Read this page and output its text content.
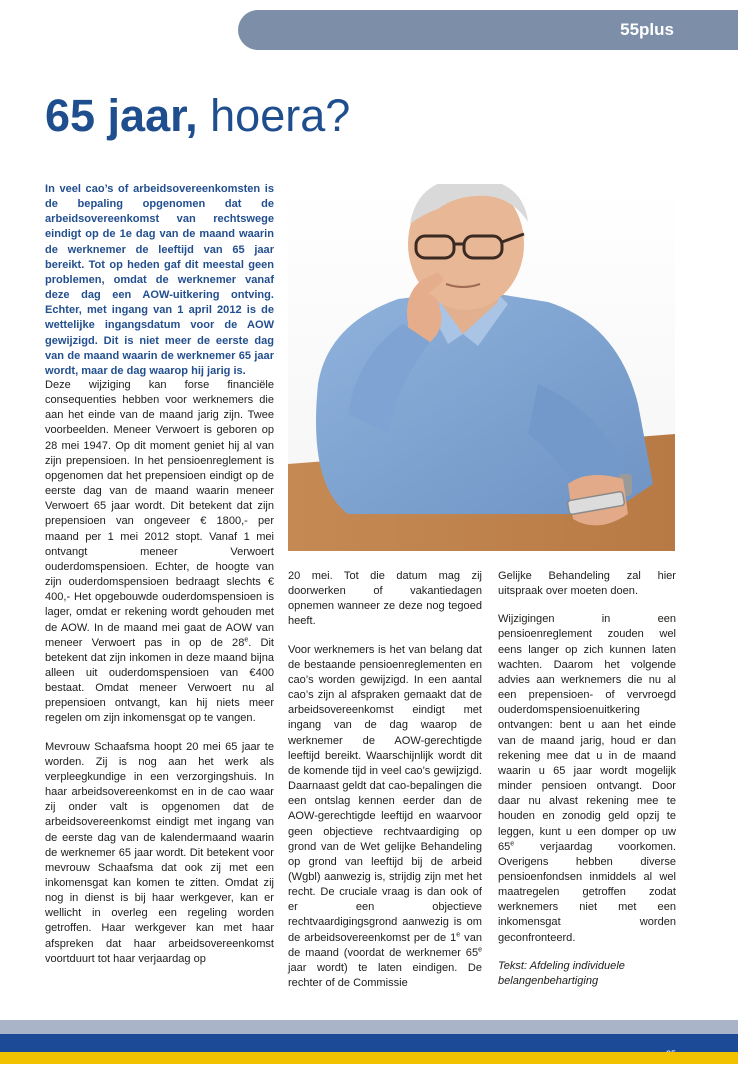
55plus
65 jaar, hoera?

In veel cao’s of arbeidsovereenkomsten is de bepaling opgenomen dat de arbeidsovereenkomst van rechtswege eindigt op de 1e dag van de maand waarin de werknemer de leeftijd van 65 jaar bereikt. Tot op heden gaf dit meestal geen problemen, omdat de werknemer vanaf deze dag een AOW-uitkering ontving. Echter, met ingang van 1 april 2012 is de wettelijke ingangsdatum voor de AOW gewijzigd. Dit is niet meer de eerste dag van de maand waarin de werknemer 65 jaar wordt, maar de dag waarop hij jarig is.

Deze wijziging kan forse financiële consequenties hebben voor werknemers die aan het einde van de maand jarig zijn. Twee voorbeelden. Meneer Verwoert is geboren op 28 mei 1947. Op dit moment geniet hij al van zijn prepensioen. In het pensioenreglement is opgenomen dat het prepensioen eindigt op de eerste dag van de maand waarin meneer Verwoert 65 jaar wordt. Dit betekent dat zijn prepensioen van ongeveer € 1800,- per maand per 1 mei 2012 stopt. Vanaf 1 mei ontvangt meneer Verwoert ouderdomspensioen. Echter, de hoogte van zijn ouderdomspensioen bedraagt slechts € 400,- Het opgebouwde ouderdomspensioen is lager, omdat er rekening wordt gehouden met de AOW. In de maand mei gaat de AOW van meneer Verwoert pas in op de 28e. Dit betekent dat zijn inkomen in deze maand bijna alleen uit ouderdomspensioen van €400 bestaat. Omdat meneer Verwoert nu al prepensioen ontvangt, kan hij niets meer regelen om zijn inkomensgat op te vangen.

Mevrouw Schaafsma hoopt 20 mei 65 jaar te worden. Zij is nog aan het werk als verpleegkundige in een verzorgingshuis. In haar arbeidsovereenkomst en in de cao waar zij onder valt is opgenomen dat de arbeidsovereenkomst eindigt met ingang van de eerste dag van de kalendermaand waarin de werknemer 65 jaar wordt. Dit betekent voor mevrouw Schaafsma dat ook zij met een inkomensgat kan komen te zitten. Omdat zij nog in dienst is bij haar werkgever, kan er wellicht in overleg een regeling worden getroffen. Haar werkgever kan met haar afspreken dat haar arbeidsovereenkomst voortduurt tot haar verjaardag op

20 mei. Tot die datum mag zij doorwerken of vakantiedagen opnemen wanneer ze deze nog tegoed heeft.

Voor werknemers is het van belang dat de bestaande pensioenreglementen en cao’s worden gewijzigd. In een aantal cao’s zijn al afspraken gemaakt dat de arbeidsovereenkomst eindigt met ingang van de dag waarop de werknemer de AOW-gerechtigde leeftijd bereikt. Waarschijnlijk wordt dit de komende tijd in veel cao’s gewijzigd. Daarnaast geldt dat cao-bepalingen die een ontslag kennen eerder dan de AOW-gerechtigde leeftijd en waarvoor geen objectieve rechtvaardiging op grond van de Wet gelijke Behandeling op grond van leeftijd bij de arbeid (Wgbl) aanwezig is, strijdig zijn met het recht. De cruciale vraag is dan ook of er een objectieve rechtvaardigingsgrond aanwezig is om de arbeidsovereenkomst per de 1e van de maand (voordat de werknemer 65e jaar wordt) te laten eindigen. De rechter of de Commissie

Gelijke Behandeling zal hier uitspraak over moeten doen.

Wijzigingen in een pensioenreglement zouden wel eens langer op zich kunnen laten wachten. Daarom het volgende advies aan werknemers die nu al een prepensioen- of vervroegd ouderdomspensioenuitkering ontvangen: bent u aan het einde van de maand jarig, houd er dan rekening mee dat u in de maand waarin u 65 jaar wordt mogelijk minder pensioen ontvangt. Door daar nu alvast rekening mee te houden en zonodig geld opzij te leggen, kunt u een domper op uw 65e verjaardag voorkomen. Overigens hebben diverse pensioenfondsen inmiddels al wel maatregelen getroffen zodat werknemers niet met een inkomensgat worden geconfronteerd.

Tekst: Afdeling individuele belangenbehartiging
